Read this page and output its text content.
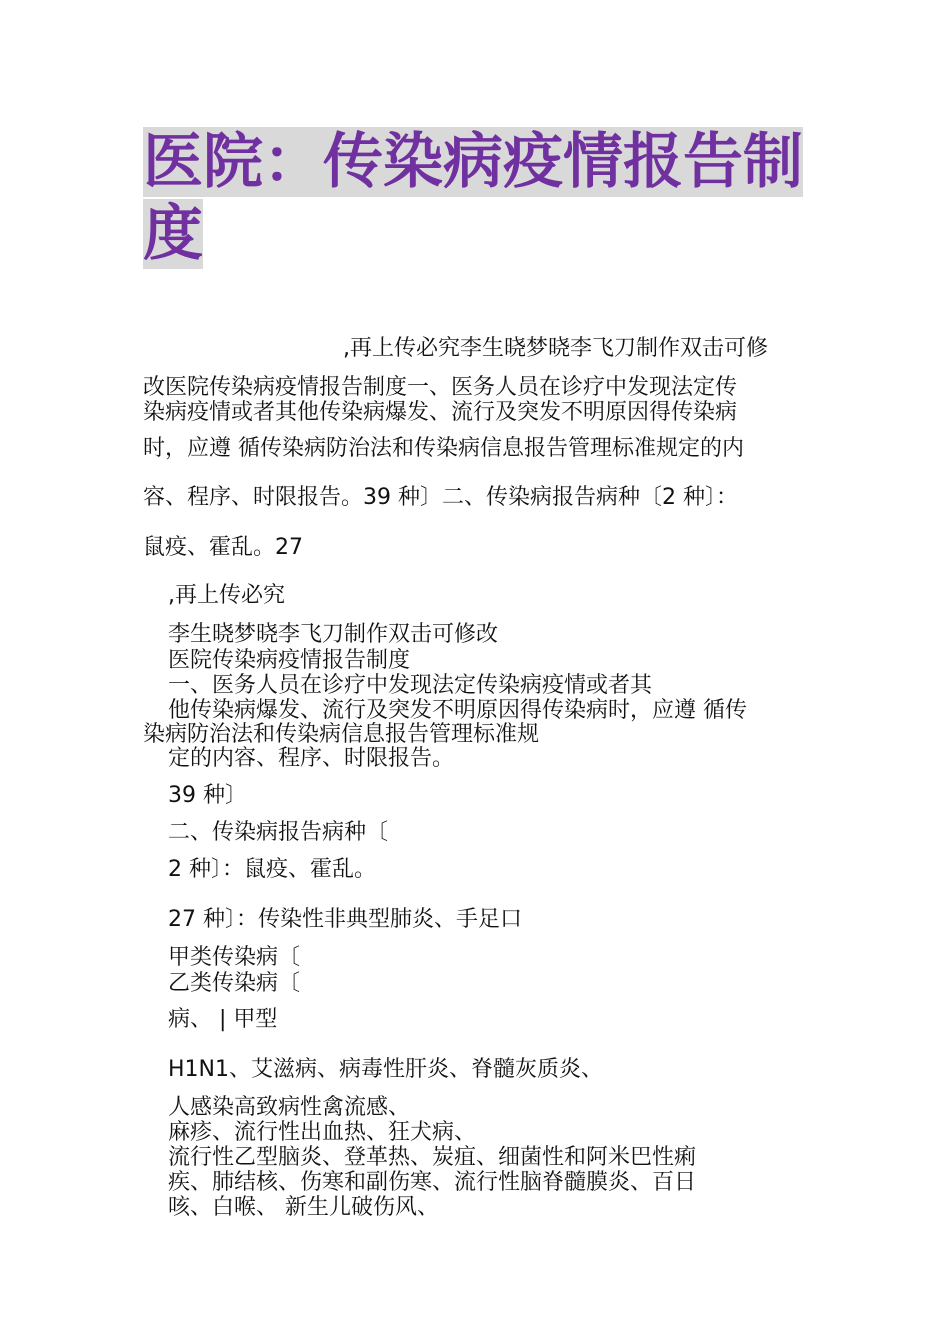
医院：传染病疫情报告制
度
,再上传必究李生晓梦晓李飞刀制作双击可修
改医院传染病疫情报告制度一、医务人员在诊疗中发现法定传
染病疫情或者其他传染病爆发、流行及突发不明原因得传染病
时，应遵 循传染病防治法和传染病信息报告管理标准规定的内
容、程序、时限报告。39 种〕二、传染病报告病种〔2 种〕：
鼠疫、霍乱。27
,再上传必究
李生晓梦晓李飞刀制作双击可修改
医院传染病疫情报告制度
一、医务人员在诊疗中发现法定传染病疫情或者其
他传染病爆发、流行及突发不明原因得传染病时，应遵 循传
染病防治法和传染病信息报告管理标准规
定的内容、程序、时限报告。
39 种〕
二、传染病报告病种〔
2 种〕：鼠疫、霍乱。
27 种〕：传染性非典型肺炎、手足口
甲类传染病〔
乙类传染病〔
病、 | 甲型
H1N1、艾滋病、病毒性肝炎、脊髓灰质炎、
人感染高致病性禽流感、
麻疹、流行性出血热、狂犬病、
流行性乙型脑炎、登革热、炭疽、细菌性和阿米巴性痢
疾、肺结核、伤寒和副伤寒、流行性脑脊髓膜炎、百日
咳、白喉、 新生儿破伤风、
